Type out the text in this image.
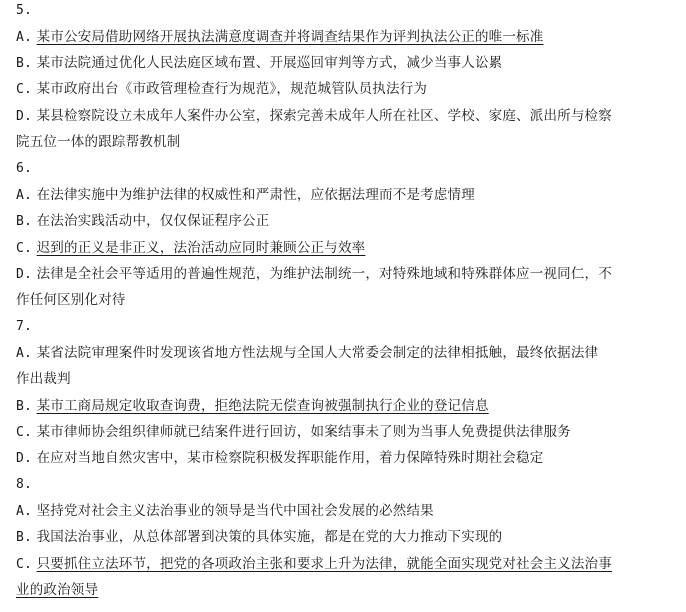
5.
A. 某市公安局借助网络开展执法满意度调查并将调查结果作为评判执法公正的唯一标准
B. 某市法院通过优化人民法庭区域布置、开展巡回审判等方式，减少当事人讼累
C. 某市政府出台《市政管理检查行为规范》，规范城管队员执法行为
D. 某县检察院设立未成年人案件办公室，探索完善未成年人所在社区、学校、家庭、派出所与检察
院五位一体的跟踪帮教机制
6.
A. 在法律实施中为维护法律的权威性和严肃性，应依据法理而不是考虑情理
B. 在法治实践活动中，仅仅保证程序公正
C. 迟到的正义是非正义，法治活动应同时兼顾公正与效率
D. 法律是全社会平等适用的普遍性规范，为维护法制统一，对特殊地域和特殊群体应一视同仁，不
作任何区别化对待
7.
A. 某省法院审理案件时发现该省地方性法规与全国人大常委会制定的法律相抵触，最终依据法律
作出裁判
B. 某市工商局规定收取查询费，拒绝法院无偿查询被强制执行企业的登记信息
C. 某市律师协会组织律师就已结案件进行回访，如案结事未了则为当事人免费提供法律服务
D. 在应对当地自然灾害中，某市检察院积极发挥职能作用，着力保障特殊时期社会稳定
8.
A. 坚持党对社会主义法治事业的领导是当代中国社会发展的必然结果
B. 我国法治事业，从总体部署到决策的具体实施，都是在党的大力推动下实现的
C. 只要抓住立法环节，把党的各项政治主张和要求上升为法律，就能全面实现党对社会主义法治事
业的政治领导
